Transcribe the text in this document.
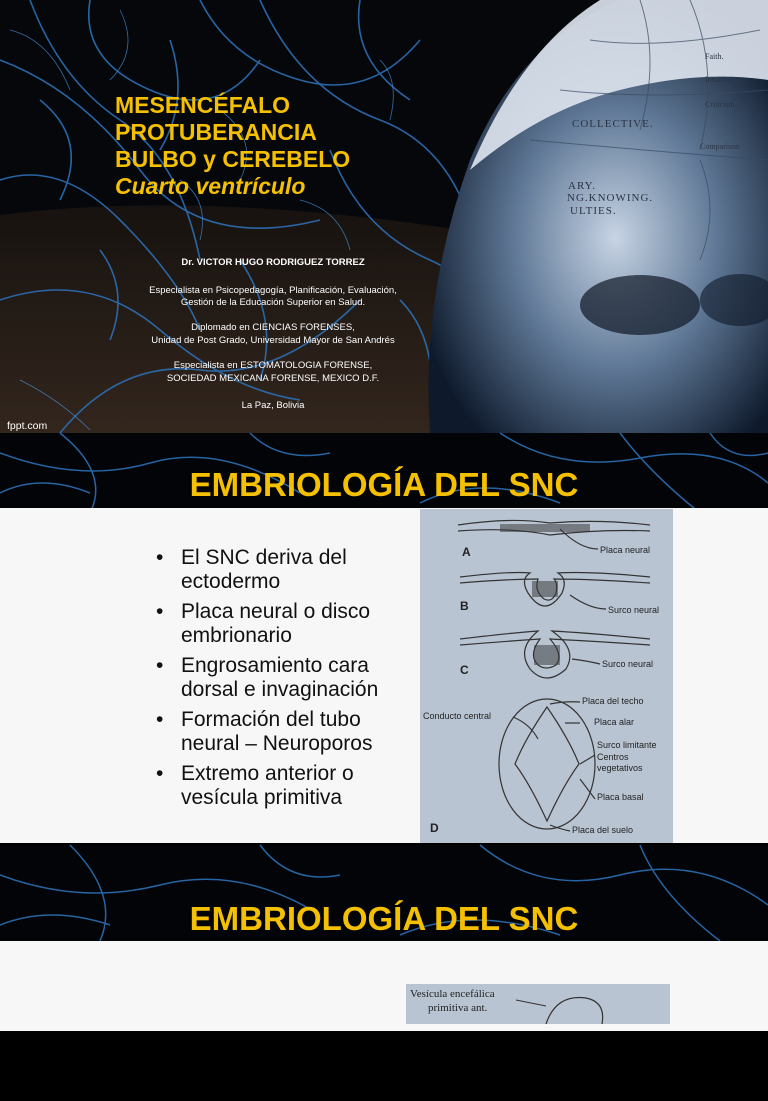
COLLECTIVE.
ARY.
NG.KNOWING.
ULTIES.
Comparison.
Criticism.
Intuition.
Faith.
MESENCÉFALO
PROTUBERANCIA
BULBO y CEREBELO
Cuarto ventrículo
Dr. VICTOR HUGO RODRIGUEZ TORREZ
Especialista en Psicopedagogía, Planificación, Evaluación,
Gestión de la Educación Superior en Salud.
Diplomado en CIENCIAS FORENSES,
Unidad de Post Grado, Universidad Mayor de San Andrés
Especialista en ESTOMATOLOGIA FORENSE,
SOCIEDAD MEXICANA FORENSE, MEXICO D.F.
La Paz, Bolivia
fppt.com
EMBRIOLOGÍA DEL SNC
• El SNC deriva del ectodermo
• Placa neural o disco embrionario
• Engrosamiento cara dorsal e invaginación
• Formación del tubo neural – Neuroporos
• Extremo anterior o vesícula primitiva
A
B
C
D
Placa neural
Surco neural
Surco neural
Conducto central
Placa del techo
Placa alar
Surco limitante
Centros
vegetativos
Placa basal
Placa del suelo
EMBRIOLOGÍA DEL SNC
Vesícula encefálica
primitiva ant.
